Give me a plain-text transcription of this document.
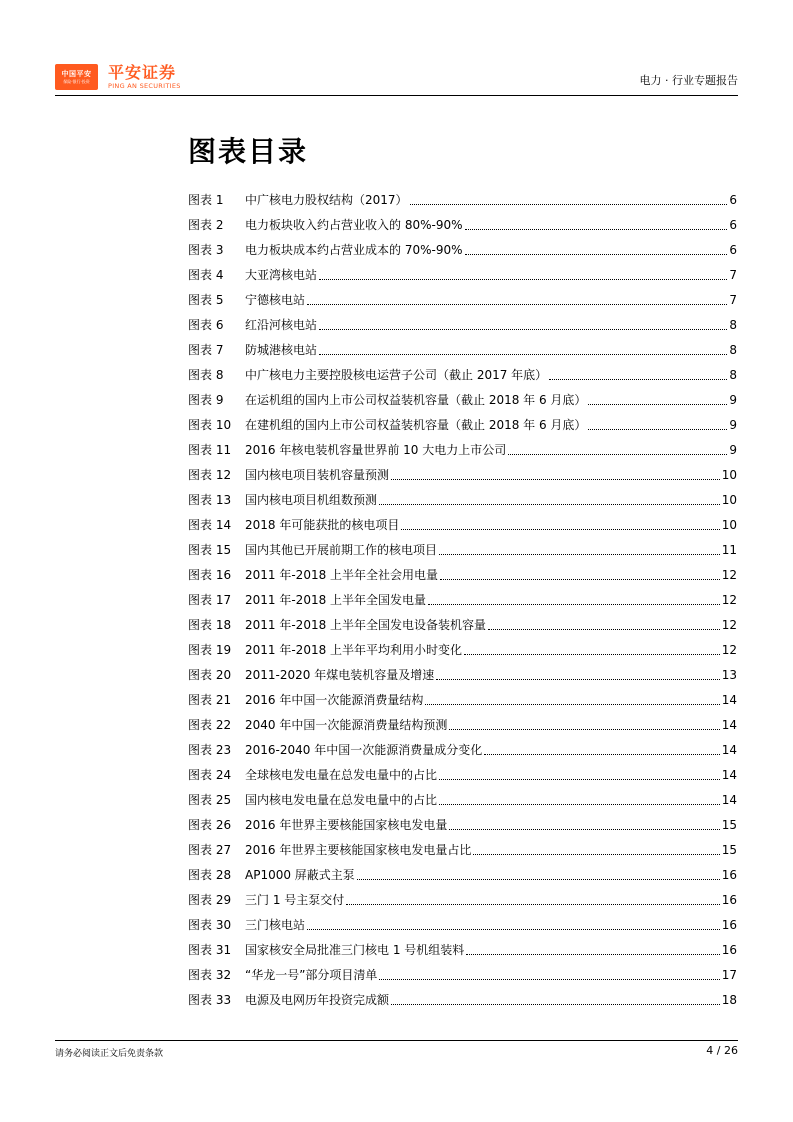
中国平安
保险·银行·投资 平安证券
PING AN SECURITIES	电力 · 行业专题报告
图表目录
图表 1	中广核电力股权结构（2017）	6
图表 2	电力板块收入约占营业收入的 80%-90%	6
图表 3	电力板块成本约占营业成本的 70%-90%	6
图表 4	大亚湾核电站	7
图表 5	宁德核电站	7
图表 6	红沿河核电站	8
图表 7	防城港核电站	8
图表 8	中广核电力主要控股核电运营子公司（截止 2017 年底）	8
图表 9	在运机组的国内上市公司权益装机容量（截止 2018 年 6 月底）	9
图表 10	在建机组的国内上市公司权益装机容量（截止 2018 年 6 月底）	9
图表 11	2016 年核电装机容量世界前 10 大电力上市公司	9
图表 12	国内核电项目装机容量预测	10
图表 13	国内核电项目机组数预测	10
图表 14	2018 年可能获批的核电项目	10
图表 15	国内其他已开展前期工作的核电项目	11
图表 16	2011 年-2018 上半年全社会用电量	12
图表 17	2011 年-2018 上半年全国发电量	12
图表 18	2011 年-2018 上半年全国发电设备装机容量	12
图表 19	2011 年-2018 上半年平均利用小时变化	12
图表 20	2011-2020 年煤电装机容量及增速	13
图表 21	2016 年中国一次能源消费量结构	14
图表 22	2040 年中国一次能源消费量结构预测	14
图表 23	2016-2040 年中国一次能源消费量成分变化	14
图表 24	全球核电发电量在总发电量中的占比	14
图表 25	国内核电发电量在总发电量中的占比	14
图表 26	2016 年世界主要核能国家核电发电量	15
图表 27	2016 年世界主要核能国家核电发电量占比	15
图表 28	AP1000 屏蔽式主泵	16
图表 29	三门 1 号主泵交付	16
图表 30	三门核电站	16
图表 31	国家核安全局批准三门核电 1 号机组装料	16
图表 32	“华龙一号”部分项目清单	17
图表 33	电源及电网历年投资完成额	18
请务必阅读正文后免责条款	4 / 26
